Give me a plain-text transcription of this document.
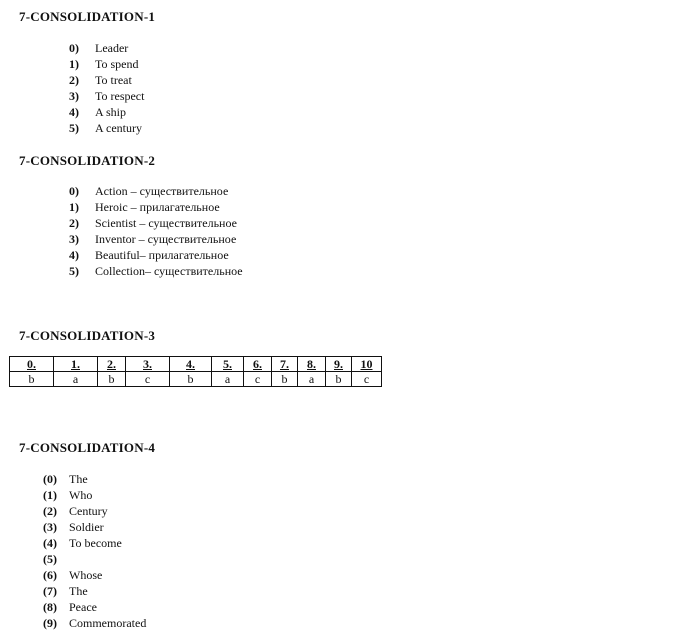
7-CONSOLIDATION-1
0) Leader
1) To spend
2) To treat
3) To respect
4) A ship
5) A century
7-CONSOLIDATION-2
0) Action – существительное
1) Heroic – прилагательное
2) Scientist – существительное
3) Inventor – существительное
4) Beautiful– прилагательное
5) Collection– существительное
7-CONSOLIDATION-3
0.	1.	2.	3.	4.	5.	6.	7.	8.	9.	10
b	a	b	c	b	a	c	b	a	b	c
7-CONSOLIDATION-4
(0) The
(1) Who
(2) Century
(3) Soldier
(4) To become
(5)
(6) Whose
(7) The
(8) Peace
(9) Commemorated
